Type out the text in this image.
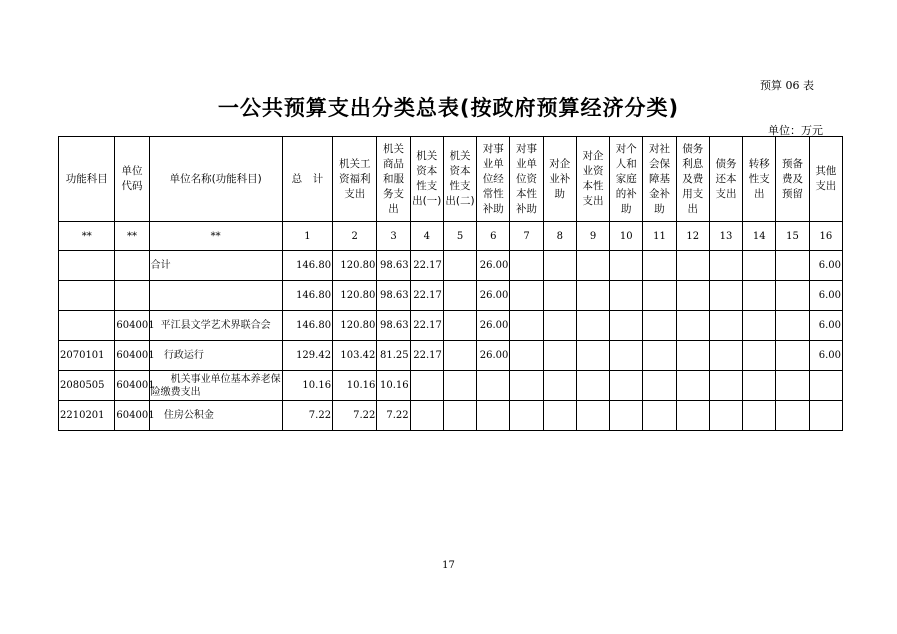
预算 06 表
一公共预算支出分类总表(按政府预算经济分类)
单位：万元
功能科目	单位代码	单位名称(功能科目)	总　计	机关工资福利支出	机关商品和服务支出	机关资本性支出(一)	机关资本性支出(二)	对事业单位经常性补助	对事业单位资本性补助	对企业补助	对企业资本性支出	对个人和家庭的补助	对社会保障基金补助	债务利息及费用支出	债务还本支出	转移性支出	预备费及预留	其他支出
**	**	**	1	2	3	4	5	6	7	8	9	10	11	12	13	14	15	16
		合计	146.80	120.80	98.63	22.17		26.00										6.00
			146.80	120.80	98.63	22.17		26.00										6.00
	604001	　平江县文学艺术界联合会	146.80	120.80	98.63	22.17		26.00										6.00
2070101	604001	　 行政运行	129.42	103.42	81.25	22.17		26.00										6.00
2080505	604001	　　机关事业单位基本养老保险缴费支出	10.16	10.16	10.16													
2210201	604001	　 住房公积金	7.22	7.22	7.22													
17
